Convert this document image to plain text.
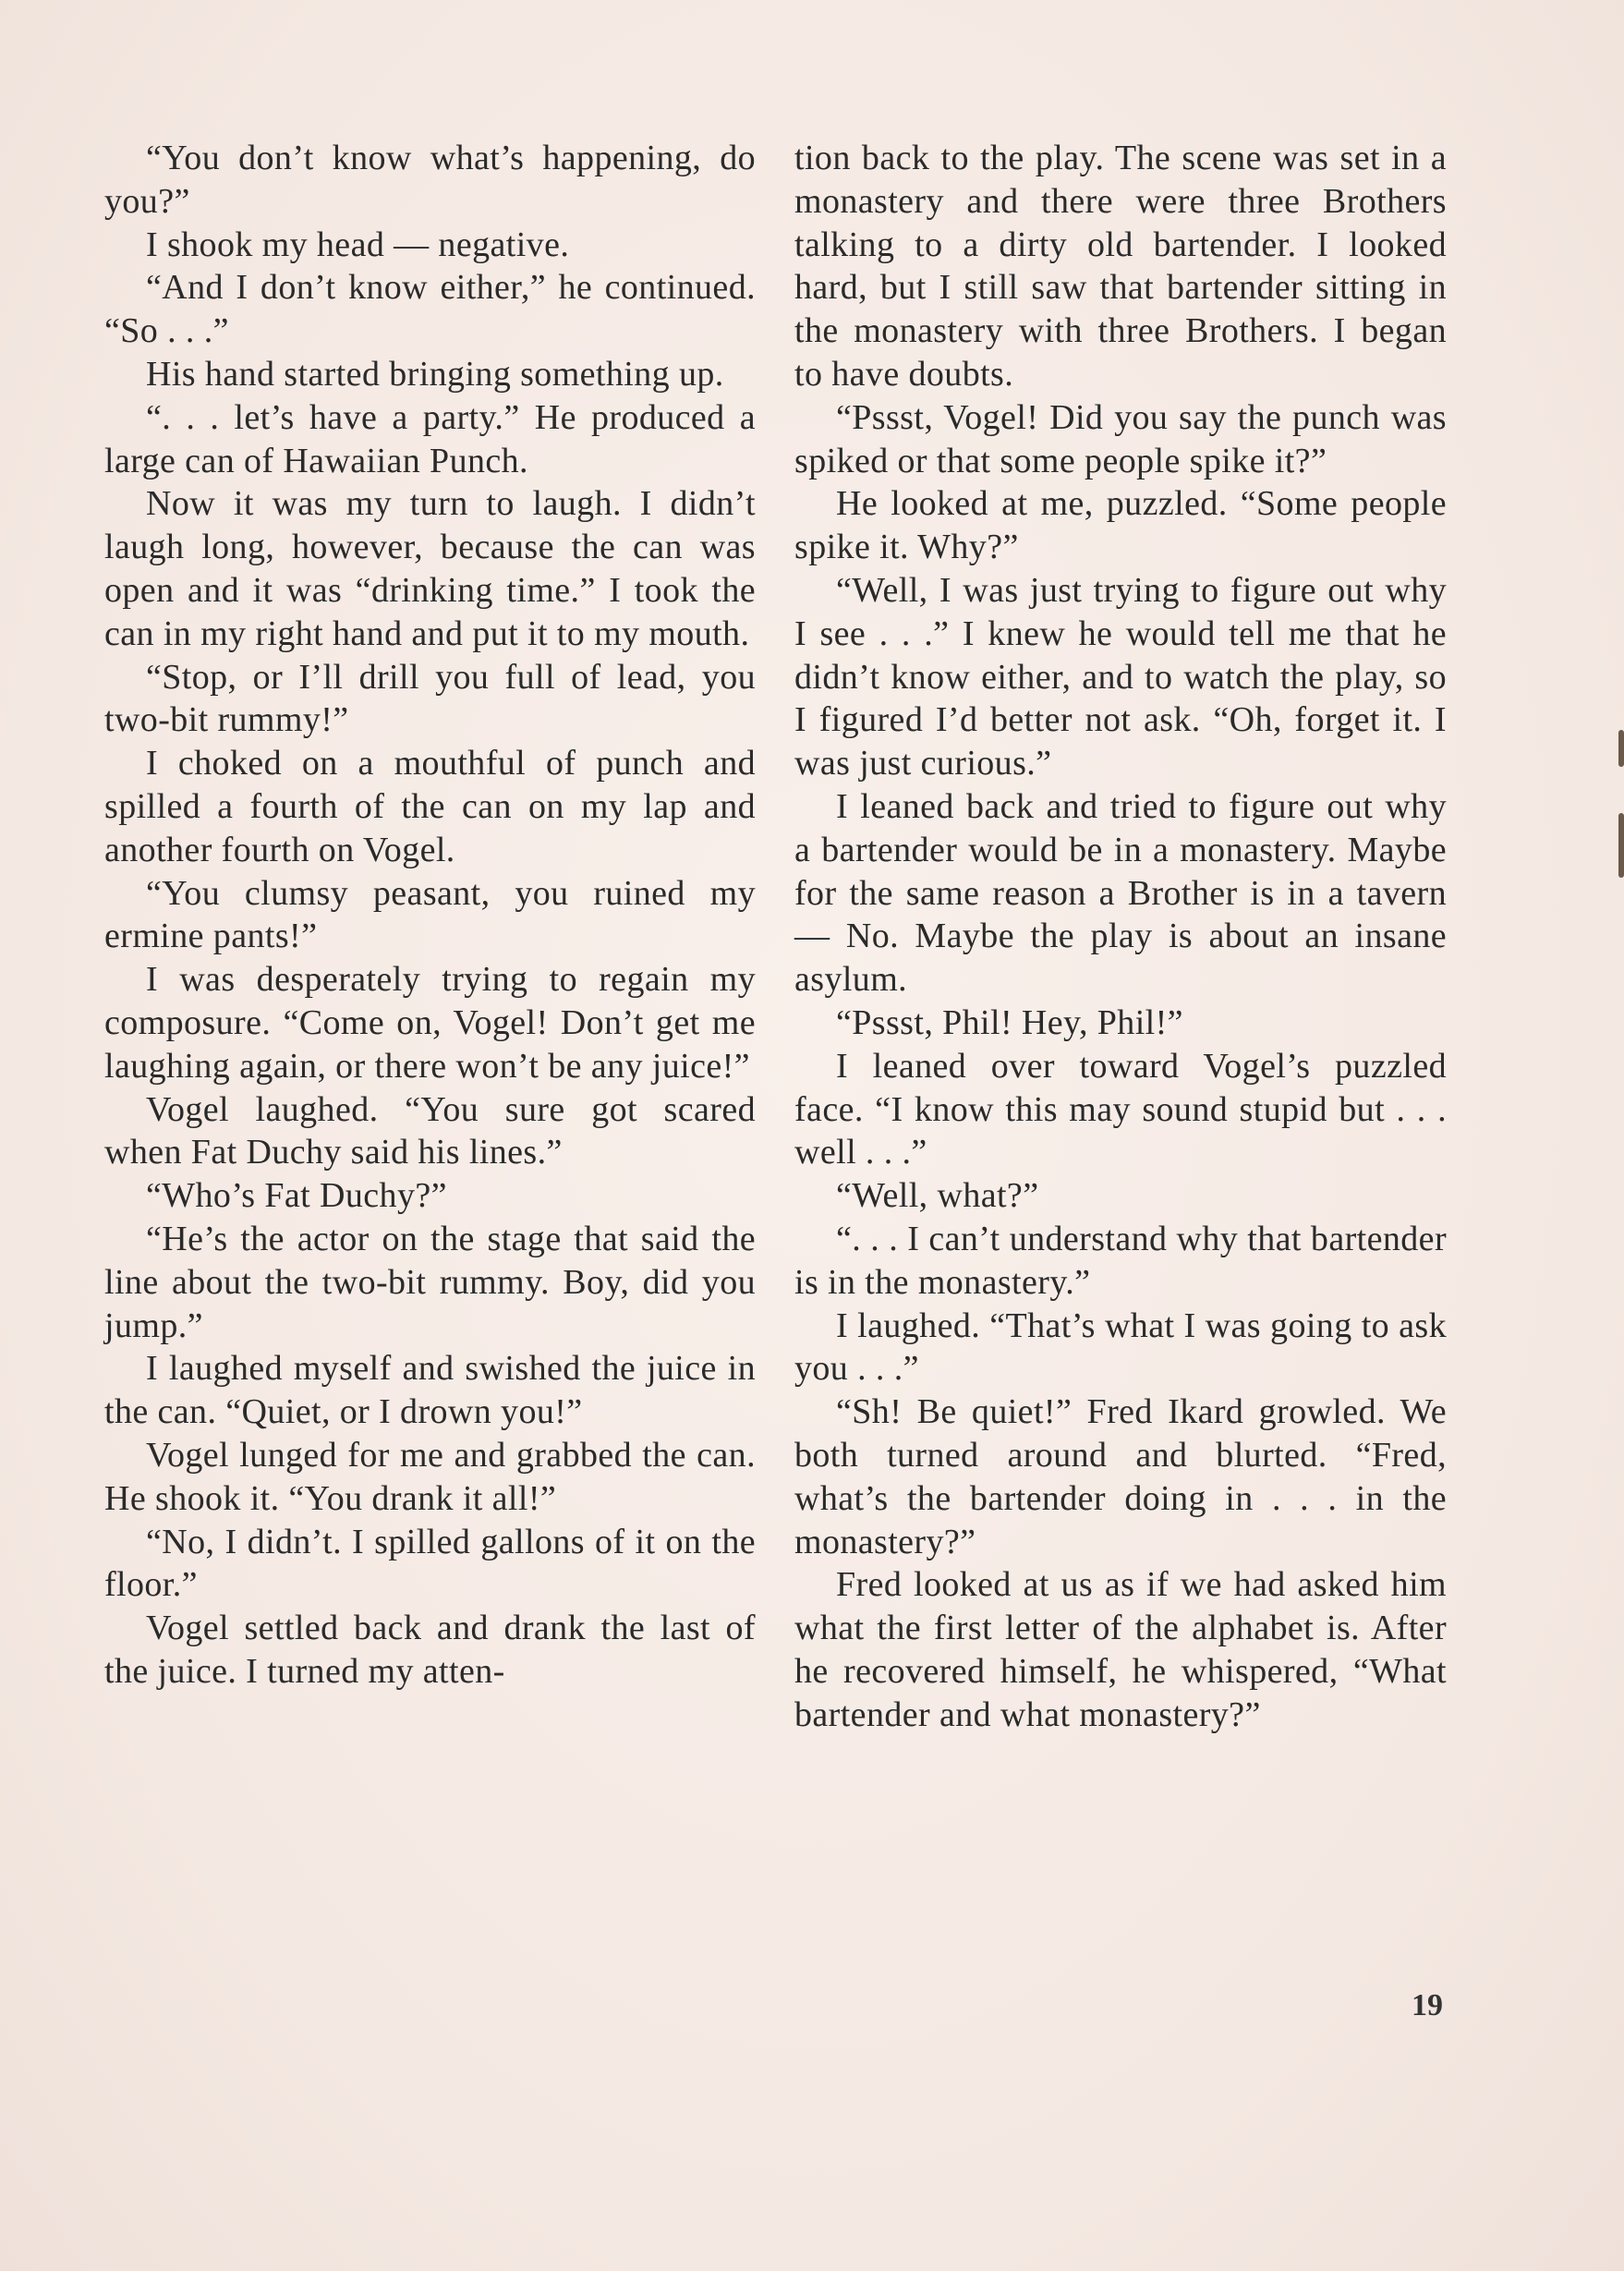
“You don’t know what’s happening, do you?”

I shook my head — negative.

“And I don’t know either,” he continued. “So . . .”

His hand started bringing something up.

“. . . let’s have a party.” He produced a large can of Hawaiian Punch.

Now it was my turn to laugh. I didn’t laugh long, however, because the can was open and it was “drinking time.” I took the can in my right hand and put it to my mouth.

“Stop, or I’ll drill you full of lead, you two-bit rummy!”

I choked on a mouthful of punch and spilled a fourth of the can on my lap and another fourth on Vogel.

“You clumsy peasant, you ruined my ermine pants!”

I was desperately trying to regain my composure. “Come on, Vogel! Don’t get me laughing again, or there won’t be any juice!”

Vogel laughed. “You sure got scared when Fat Duchy said his lines.”

“Who’s Fat Duchy?”

“He’s the actor on the stage that said the line about the two-bit rummy. Boy, did you jump.”

I laughed myself and swished the juice in the can. “Quiet, or I drown you!”

Vogel lunged for me and grabbed the can. He shook it. “You drank it all!”

“No, I didn’t. I spilled gallons of it on the floor.”

Vogel settled back and drank the last of the juice. I turned my atten-

tion back to the play. The scene was set in a monastery and there were three Brothers talking to a dirty old bartender. I looked hard, but I still saw that bartender sitting in the monastery with three Brothers. I began to have doubts.

“Pssst, Vogel! Did you say the punch was spiked or that some people spike it?”

He looked at me, puzzled. “Some people spike it. Why?”

“Well, I was just trying to figure out why I see . . .” I knew he would tell me that he didn’t know either, and to watch the play, so I figured I’d better not ask. “Oh, forget it. I was just curious.”

I leaned back and tried to figure out why a bartender would be in a monastery. Maybe for the same reason a Brother is in a tavern — No. Maybe the play is about an insane asylum.

“Pssst, Phil! Hey, Phil!”

I leaned over toward Vogel’s puzzled face. “I know this may sound stupid but . . . well . . .”

“Well, what?”

“. . . I can’t understand why that bartender is in the monastery.”

I laughed. “That’s what I was going to ask you . . .”

“Sh! Be quiet!” Fred Ikard growled. We both turned around and blurted. “Fred, what’s the bartender doing in . . . in the monastery?”

Fred looked at us as if we had asked him what the first letter of the alphabet is. After he recovered himself, he whispered, “What bartender and what monastery?”

19
